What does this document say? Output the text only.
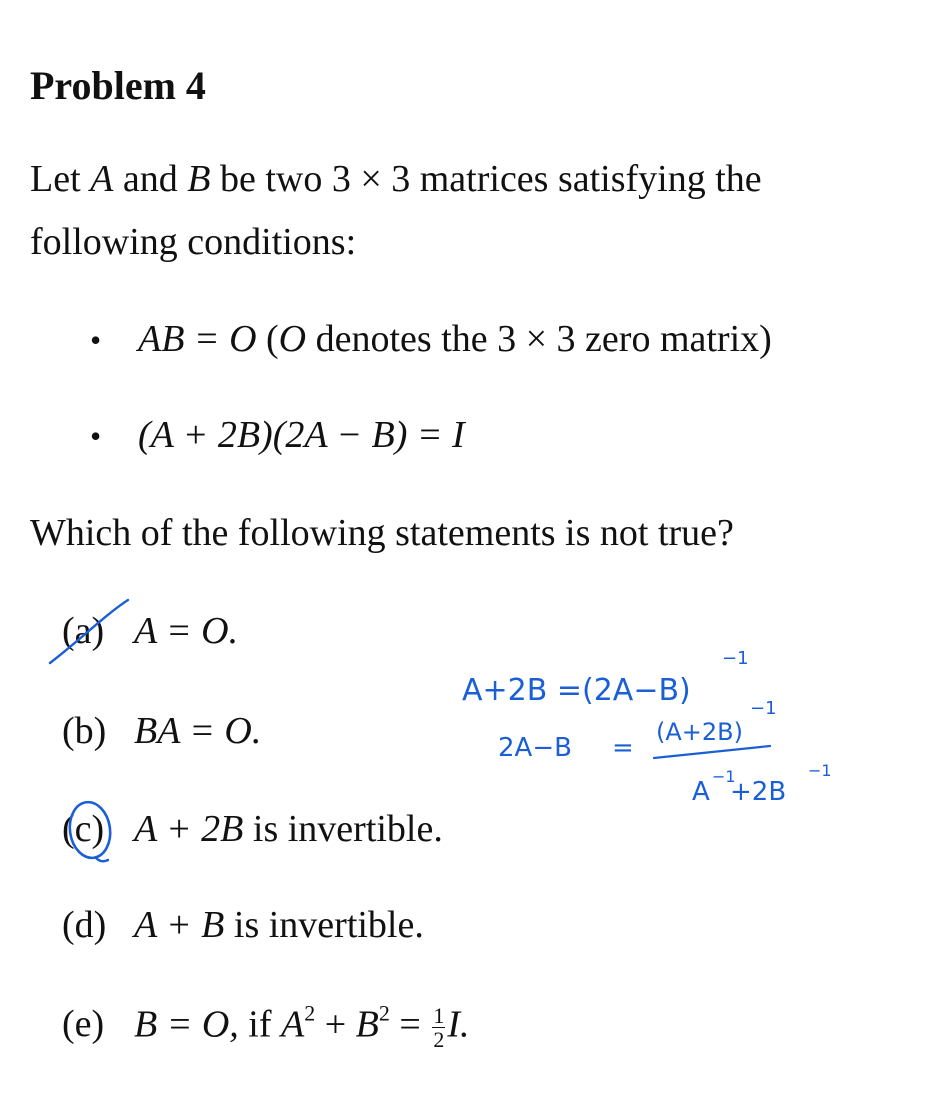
Problem 4
Let A and B be two 3 × 3 matrices satisfying the
following conditions:
• AB = O (O denotes the 3 × 3 zero matrix)
• (A + 2B)(2A − B) = I
Which of the following statements is not true?
(a) A = O.
(b) BA = O.
(c) A + 2B is invertible.
(d) A + B is invertible.
(e) B = O, if $A^2 + B^2 = \frac{1}{2} I$.
A+2B =(2A−B)
−1
2A−B =
(A+2B)
−1
A
−1
+2B
−1
